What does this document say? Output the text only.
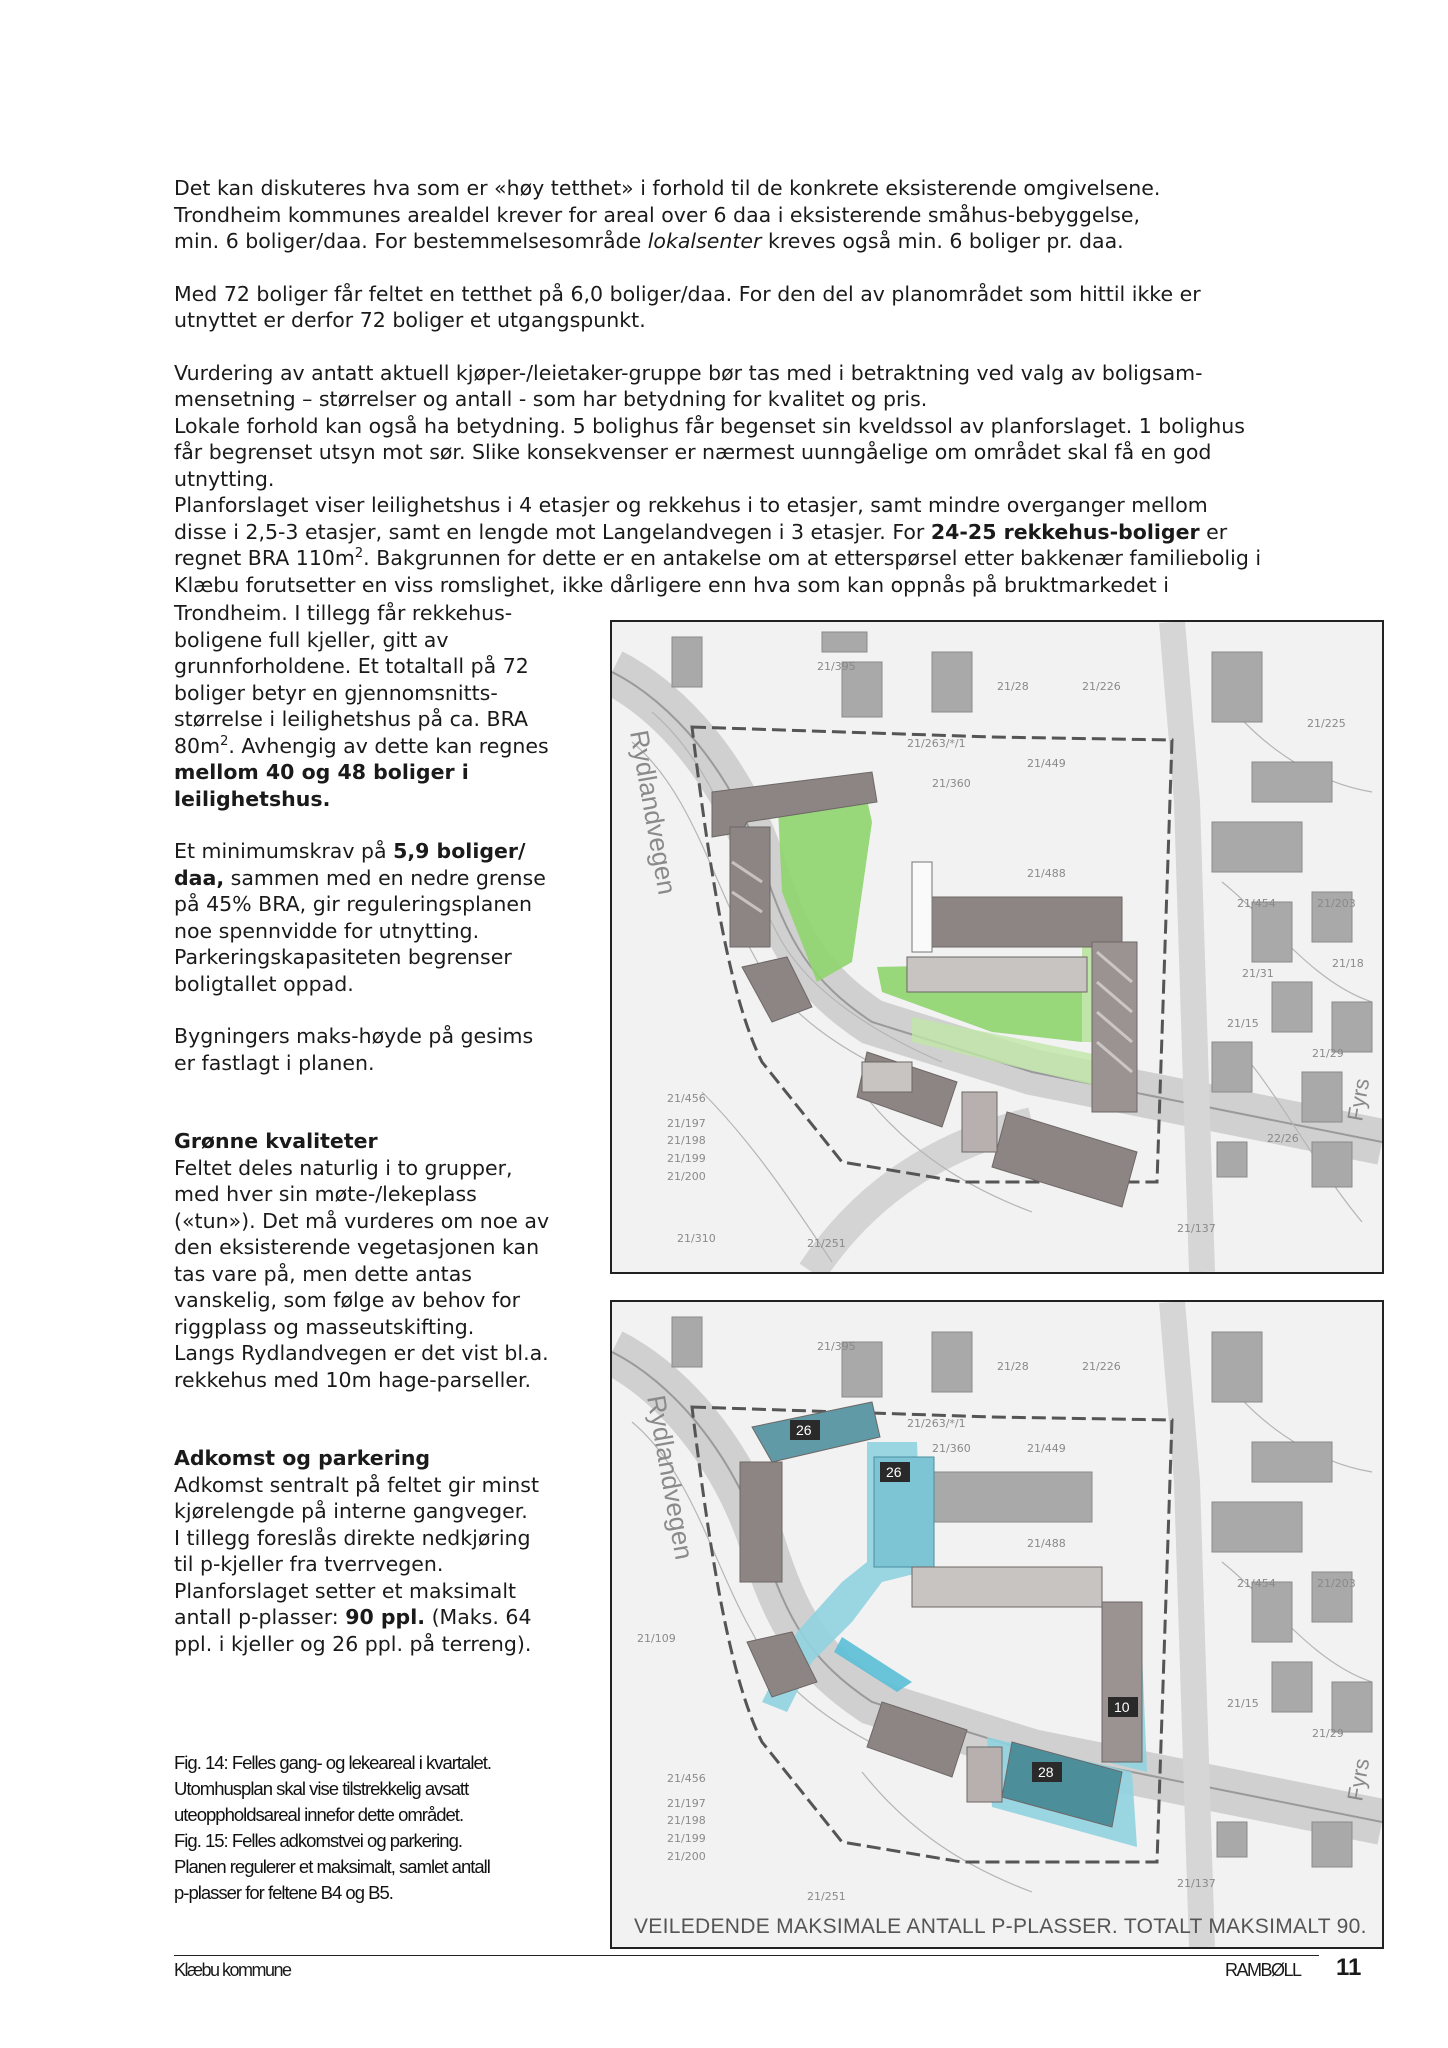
Det kan diskuteres hva som er «høy tetthet» i forhold til de konkrete eksisterende omgivelsene.
Trondheim kommunes arealdel krever for areal over 6 daa i eksisterende småhus-bebyggelse,
min. 6 boliger/daa. For bestemmelsesområde lokalsenter kreves også min. 6 boliger pr. daa.
Med 72 boliger får feltet en tetthet på 6,0 boliger/daa. For den del av planområdet som hittil ikke er
utnyttet er derfor 72 boliger et utgangspunkt.
Vurdering av antatt aktuell kjøper-/leietaker-gruppe bør tas med i betraktning ved valg av boligsam-
mensetning – størrelser og antall - som har betydning for kvalitet og pris.
Lokale forhold kan også ha betydning. 5 bolighus får begenset sin kveldssol av planforslaget. 1 bolighus
får begrenset utsyn mot sør. Slike konsekvenser er nærmest uunngåelige om området skal få en god
utnytting.
Planforslaget viser leilighetshus i 4 etasjer og rekkehus i to etasjer, samt mindre overganger mellom
disse i 2,5-3 etasjer, samt en lengde mot Langelandvegen i 3 etasjer. For 24-25 rekkehus-boliger er
regnet BRA $110m^2$. Bakgrunnen for dette er en antakelse om at etterspørsel etter bakkenær familiebolig i
Klæbu forutsetter en viss romslighet, ikke dårligere enn hva som kan oppnås på bruktmarkedet i
Trondheim. I tillegg får rekkehus-
boligene full kjeller, gitt av
grunnforholdene. Et totaltall på 72
boliger betyr en gjennomsnitts-
størrelse i leilighetshus på ca. BRA
$80m^2$. Avhengig av dette kan regnes
mellom 40 og 48 boliger i
leilighetshus.
Et minimumskrav på 5,9 boliger/
daa, sammen med en nedre grense
på 45% BRA, gir reguleringsplanen
noe spennvidde for utnytting.
Parkeringskapasiteten begrenser
boligtallet oppad.
Bygningers maks-høyde på gesims
er fastlagt i planen.
Grønne kvaliteter
Feltet deles naturlig i to grupper,
med hver sin møte-/lekeplass
(«tun»). Det må vurderes om noe av
den eksisterende vegetasjonen kan
tas vare på, men dette antas
vanskelig, som følge av behov for
riggplass og masseutskifting.
Langs Rydlandvegen er det vist bl.a.
rekkehus med 10m hage-parseller.
Adkomst og parkering
Adkomst sentralt på feltet gir minst
kjørelengde på interne gangveger.
I tillegg foreslås direkte nedkjøring
til p-kjeller fra tverrvegen.
Planforslaget setter et maksimalt
antall p-plasser: 90 ppl. (Maks. 64
ppl. i kjeller og 26 ppl. på terreng).
21/395
21/28	21/226
21/225
21/263/*/1
21/360
21/449
21/488
21/454	21/203
21/31
21/18
21/15
21/29
21/456
21/197
21/198
21/199
21/200
21/310	21/251
21/137
22/26
Rydlandvegen
Fyrs
26
26
10
28
21/395
21/28	21/226
21/263/*/1
21/360	21/449
21/488
21/454	21/203
21/109
21/15
21/29
21/456
21/197
21/198
21/199
21/200
21/251
21/137
Rydlandvegen
Fyrs
VEILEDENDE MAKSIMALE ANTALL P-PLASSER. TOTALT MAKSIMALT 90.
Fig. 14: Felles gang- og lekeareal i kvartalet.
Utomhusplan skal vise tilstrekkelig avsatt
uteoppholdsareal innefor dette området.
Fig. 15: Felles adkomstvei og parkering.
Planen regulerer et maksimalt, samlet antall
p-plasser for feltene B4 og B5.
Klæbu kommune	RAMBØLL 11
